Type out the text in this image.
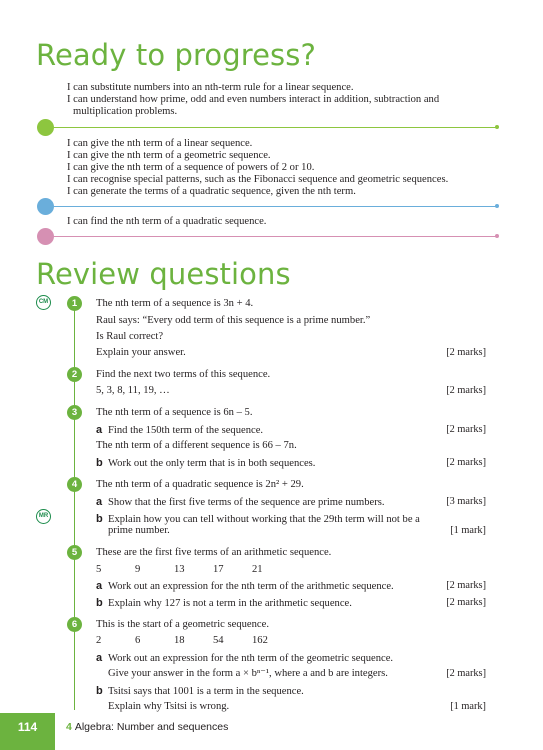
Ready to progress?
I can substitute numbers into an nth-term rule for a linear sequence.
I can understand how prime, odd and even numbers interact in addition, subtraction and
multiplication problems.
I can give the nth term of a linear sequence.
I can give the nth term of a geometric sequence.
I can give the nth term of a sequence of powers of 2 or 10.
I can recognise special patterns, such as the Fibonacci sequence and geometric sequences.
I can generate the terms of a quadratic sequence, given the nth term.
I can find the nth term of a quadratic sequence.
Review questions
CM
MR
1	The nth term of a sequence is 3n + 4.
Raul says: “Every odd term of this sequence is a prime number.”
Is Raul correct?
Explain your answer.	[2 marks]
2	Find the next two terms of this sequence.
5, 3, 8, 11, 19, …	[2 marks]
3	The nth term of a sequence is 6n – 5.
a Find the 150th term of the sequence.	[2 marks]
The nth term of a different sequence is 66 – 7n.
b Work out the only term that is in both sequences.	[2 marks]
4	The nth term of a quadratic sequence is 2n² + 29.
a Show that the first five terms of the sequence are prime numbers.	[3 marks]
b Explain how you can tell without working that the 29th term will not be a
prime number.	[1 mark]
5	These are the first five terms of an arithmetic sequence.
5	9	13	17	21
a Work out an expression for the nth term of the arithmetic sequence.	[2 marks]
b Explain why 127 is not a term in the arithmetic sequence.	[2 marks]
6	This is the start of a geometric sequence.
2	6	18	54	162
a Work out an expression for the nth term of the geometric sequence.
Give your answer in the form a × bⁿ⁻¹, where a and b are integers.	[2 marks]
b Tsitsi says that 1001 is a term in the sequence.
Explain why Tsitsi is wrong.	[1 mark]
114	4 Algebra: Number and sequences
